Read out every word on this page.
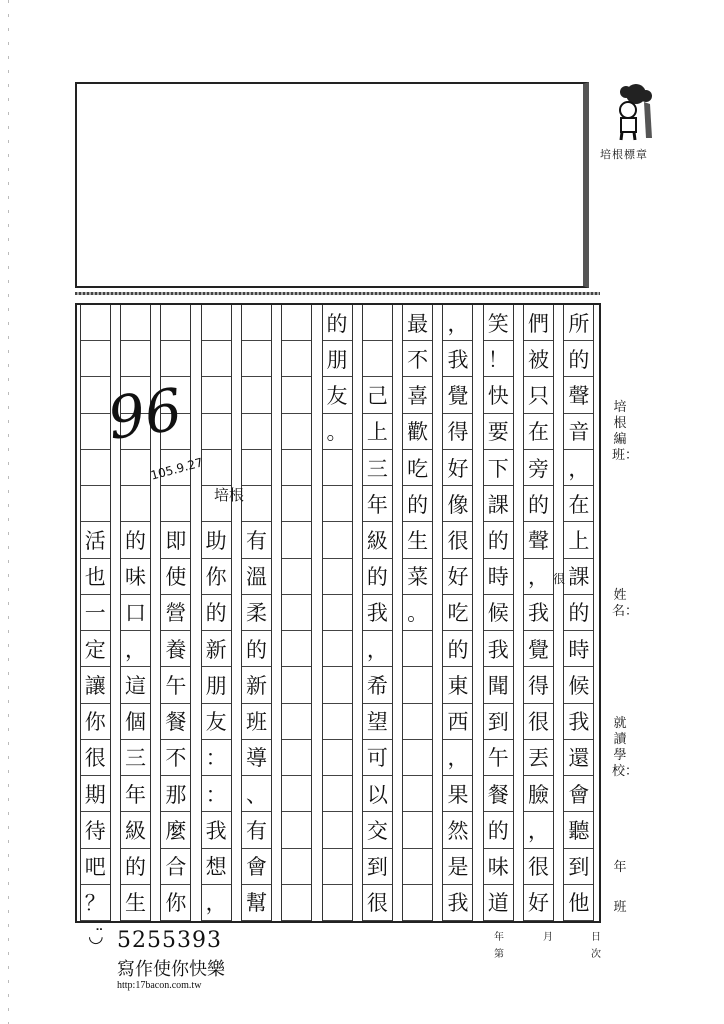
培根標章
所
的
聲
音
，
在
上
課
的
時
候
我
還
會
聽
到
他
們
被
只
在
旁
的
聲
，
我
覺
得
很
丟
臉
，
很
好
笑
！
快
要
下
課
的
時
候
我
聞
到
午
餐
的
味
道
，
我
覺
得
好
像
很
好
吃
的
東
西
，
果
然
是
我
最
不
喜
歡
吃
的
生
菜
。
己
上
三
年
級
的
我
，
希
望
可
以
交
到
很
的
朋
友
。
有
溫
柔
的
新
班
導
、
有
會
幫
助
你
的
新
朋
友
：
：
我
想
，
即
使
營
養
午
餐
不
那
麼
合
你
的
味
口
，
這
個
三
年
級
的
生
活
也
一
定
讓
你
很
期
待
吧
？
96
105.9.27
培根
很
培根編班：
姓名：
就讀學校：
年
班
年	月	日
第	次
◡̈ 5255393
寫作使你快樂
http:17bacon.com.tw
